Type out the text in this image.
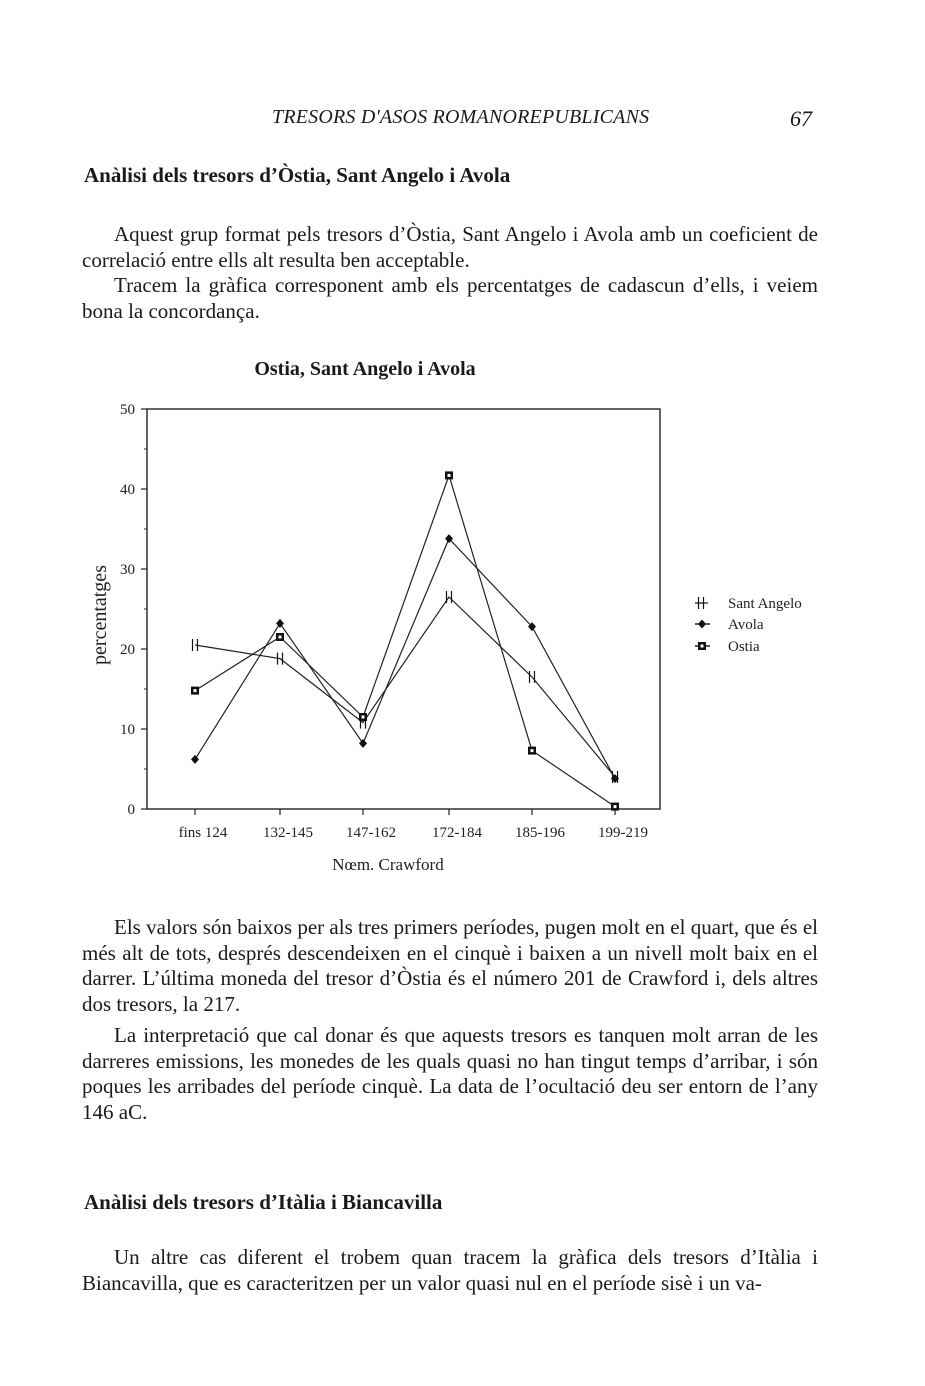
TRESORS D'ASOS ROMANOREPUBLICANS	67
Anàlisi dels tresors d’Òstia, Sant Angelo i Avola

Aquest grup format pels tresors d’Òstia, Sant Angelo i Avola amb un coeficient de correlació entre ells alt resulta ben acceptable.

Tracem la gràfica corresponent amb els percentatges de cadascun d’ells, i veiem bona la concordança.

Ostia, Sant Angelo i Avola
0
10
20
30
40
50
fins 124 132-145 147-162 172-184 185-196 199-219
percentatges
Nœm. Crawford
Sant Angelo
Avola
Ostia

Els valors són baixos per als tres primers períodes, pugen molt en el quart, que és el més alt de tots, després descendeixen en el cinquè i baixen a un nivell molt baix en el darrer. L’última moneda del tresor d’Òstia és el número 201 de Crawford i, dels altres dos tresors, la 217.

La interpretació que cal donar és que aquests tresors es tanquen molt arran de les darreres emissions, les monedes de les quals quasi no han tingut temps d’arribar, i són poques les arribades del període cinquè. La data de l’ocultació deu ser entorn de l’any 146 aC.

Anàlisi dels tresors d’Itàlia i Biancavilla

Un altre cas diferent el trobem quan tracem la gràfica dels tresors d’Itàlia i Biancavilla, que es caracteritzen per un valor quasi nul en el període sisè i un va-
